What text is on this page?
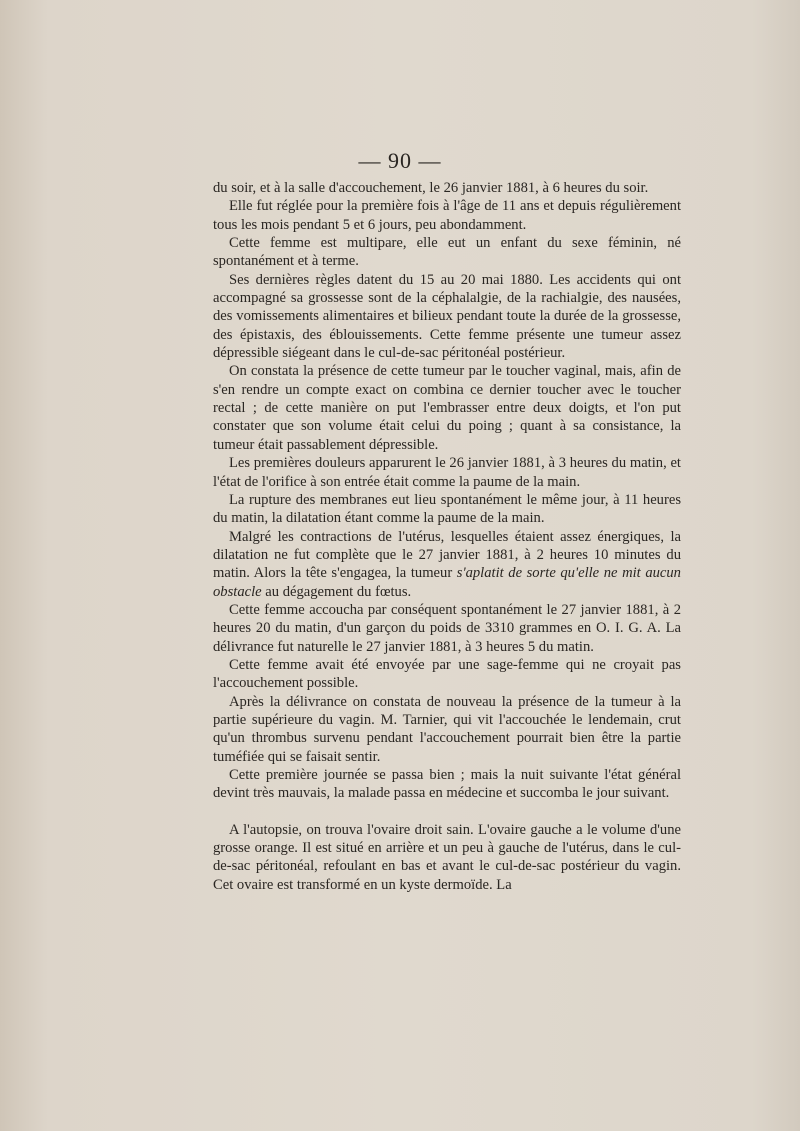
— 90 —

du soir, et à la salle d'accouchement, le 26 janvier 1881, à 6 heures du soir.

Elle fut réglée pour la première fois à l'âge de 11 ans et depuis régulièrement tous les mois pendant 5 et 6 jours, peu abondamment.

Cette femme est multipare, elle eut un enfant du sexe féminin, né spontanément et à terme.

Ses dernières règles datent du 15 au 20 mai 1880. Les accidents qui ont accompagné sa grossesse sont de la céphalalgie, de la rachialgie, des nausées, des vomissements alimentaires et bilieux pendant toute la durée de la grossesse, des épistaxis, des éblouissements. Cette femme présente une tumeur assez dépressible siégeant dans le cul-de-sac péritonéal postérieur.

On constata la présence de cette tumeur par le toucher vaginal, mais, afin de s'en rendre un compte exact on combina ce dernier toucher avec le toucher rectal ; de cette manière on put l'embrasser entre deux doigts, et l'on put constater que son volume était celui du poing ; quant à sa consistance, la tumeur était passablement dépressible.

Les premières douleurs apparurent le 26 janvier 1881, à 3 heures du matin, et l'état de l'orifice à son entrée était comme la paume de la main.

La rupture des membranes eut lieu spontanément le même jour, à 11 heures du matin, la dilatation étant comme la paume de la main.

Malgré les contractions de l'utérus, lesquelles étaient assez énergiques, la dilatation ne fut complète que le 27 janvier 1881, à 2 heures 10 minutes du matin. Alors la tête s'engagea, la tumeur s'aplatit de sorte qu'elle ne mit aucun obstacle au dégagement du fœtus.

Cette femme accoucha par conséquent spontanément le 27 janvier 1881, à 2 heures 20 du matin, d'un garçon du poids de 3310 grammes en O. I. G. A. La délivrance fut naturelle le 27 janvier 1881, à 3 heures 5 du matin.

Cette femme avait été envoyée par une sage-femme qui ne croyait pas l'accouchement possible.

Après la délivrance on constata de nouveau la présence de la tumeur à la partie supérieure du vagin. M. Tarnier, qui vit l'accouchée le lendemain, crut qu'un thrombus survenu pendant l'accouchement pourrait bien être la partie tuméfiée qui se faisait sentir.

Cette première journée se passa bien ; mais la nuit suivante l'état général devint très mauvais, la malade passa en médecine et succomba le jour suivant.

A l'autopsie, on trouva l'ovaire droit sain. L'ovaire gauche a le volume d'une grosse orange. Il est situé en arrière et un peu à gauche de l'utérus, dans le cul-de-sac péritonéal, refoulant en bas et avant le cul-de-sac postérieur du vagin. Cet ovaire est transformé en un kyste dermoïde. La
